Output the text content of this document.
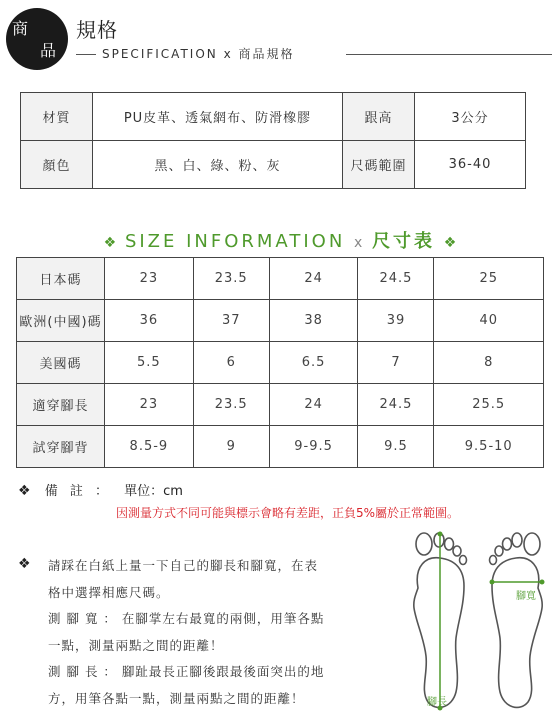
商
品
規格
SPECIFICATION x 商品規格
材質	PU皮革、透氣網布、防滑橡膠	跟高	3公分
顏色	黑、白、綠、粉、灰	尺碼範圍	36-40
❖ SIZE INFORMATION x 尺寸表 ❖
日本碼	23	23.5	24	24.5	25
歐洲(中國)碼	36	37	38	39	40
美國碼	5.5	6	6.5	7	8
適穿腳長	23	23.5	24	24.5	25.5
試穿腳背	8.5-9	9	9-9.5	9.5	9.5-10
❖ 備 註 ： 單位：cm
因測量方式不同可能與標示會略有差距，正負5%屬於正常範圍。
❖ 請踩在白紙上量一下自己的腳長和腳寬，在表

格中選擇相應尺碼。

測 腳 寬 ： 在腳掌左右最寬的兩側，用筆各點

一點，測量兩點之間的距離！

測 腳 長 ： 腳趾最長正腳後跟最後面突出的地

方，用筆各點一點，測量兩點之間的距離！

腳寬
腳長
